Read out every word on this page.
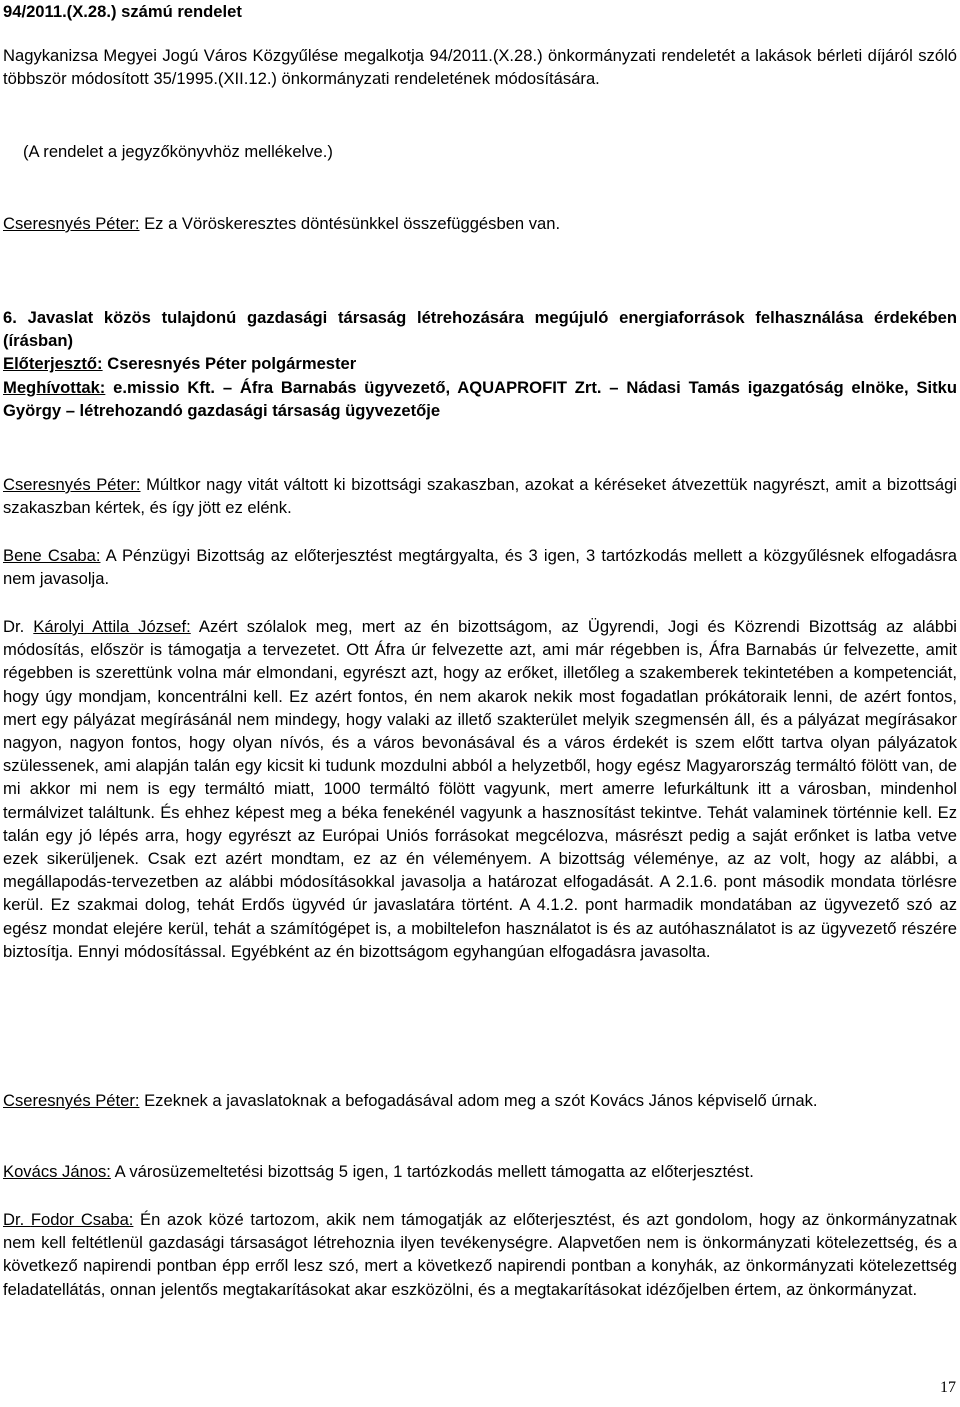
94/2011.(X.28.) számú rendelet

Nagykanizsa Megyei Jogú Város Közgyűlése megalkotja 94/2011.(X.28.) önkormányzati rendeletét a lakások bérleti díjáról szóló többször módosított 35/1995.(XII.12.) önkormányzati rendeletének módosítására.

(A rendelet a jegyzőkönyvhöz mellékelve.)

Cseresnyés Péter: Ez a Vöröskeresztes döntésünkkel összefüggésben van.

6. Javaslat közös tulajdonú gazdasági társaság létrehozására megújuló energiaforrások felhasználása érdekében (írásban)

Előterjesztő: Cseresnyés Péter polgármester

Meghívottak: e.missio Kft. – Áfra Barnabás ügyvezető, AQUAPROFIT Zrt. – Nádasi Tamás igazgatóság elnöke, Sitku György – létrehozandó gazdasági társaság ügyvezetője

Cseresnyés Péter: Múltkor nagy vitát váltott ki bizottsági szakaszban, azokat a kéréseket átvezettük nagyrészt, amit a bizottsági szakaszban kértek, és így jött ez elénk.

Bene Csaba: A Pénzügyi Bizottság az előterjesztést megtárgyalta, és 3 igen, 3 tartózkodás mellett a közgyűlésnek elfogadásra nem javasolja.

Dr. Károlyi Attila József: Azért szólalok meg, mert az én bizottságom, az Ügyrendi, Jogi és Közrendi Bizottság az alábbi módosítás, először is támogatja a tervezetet. Ott Áfra úr felvezette azt, ami már régebben is, Áfra Barnabás úr felvezette, amit régebben is szerettünk volna már elmondani, egyrészt azt, hogy az erőket, illetőleg a szakemberek tekintetében a kompetenciát, hogy úgy mondjam, koncentrálni kell. Ez azért fontos, én nem akarok nekik most fogadatlan prókátoraik lenni, de azért fontos, mert egy pályázat megírásánál nem mindegy, hogy valaki az illető szakterület melyik szegmensén áll, és a pályázat megírásakor nagyon, nagyon fontos, hogy olyan nívós, és a város bevonásával és a város érdekét is szem előtt tartva olyan pályázatok szülessenek, ami alapján talán egy kicsit ki tudunk mozdulni abból a helyzetből, hogy egész Magyarország termáltó fölött van, de mi akkor mi nem is egy termáltó miatt, 1000 termáltó fölött vagyunk, mert amerre lefurkáltunk itt a városban, mindenhol termálvizet találtunk. És ehhez képest meg a béka fenekénél vagyunk a hasznosítást tekintve. Tehát valaminek történnie kell. Ez talán egy jó lépés arra, hogy egyrészt az Európai Uniós forrásokat megcélozva, másrészt pedig a saját erőnket is latba vetve ezek sikerüljenek. Csak ezt azért mondtam, ez az én véleményem. A bizottság véleménye, az az volt, hogy az alábbi, a megállapodás-tervezetben az alábbi módosításokkal javasolja a határozat elfogadását. A 2.1.6. pont második mondata törlésre kerül. Ez szakmai dolog, tehát Erdős ügyvéd úr javaslatára történt. A 4.1.2. pont harmadik mondatában az ügyvezető szó az egész mondat elejére kerül, tehát a számítógépet is, a mobiltelefon használatot is és az autóhasználatot is az ügyvezető részére biztosítja. Ennyi módosítással. Egyébként az én bizottságom egyhangúan elfogadásra javasolta.

Cseresnyés Péter: Ezeknek a javaslatoknak a befogadásával adom meg a szót Kovács János képviselő úrnak.

Kovács János: A városüzemeltetési bizottság 5 igen, 1 tartózkodás mellett támogatta az előterjesztést.

Dr. Fodor Csaba: Én azok közé tartozom, akik nem támogatják az előterjesztést, és azt gondolom, hogy az önkormányzatnak nem kell feltétlenül gazdasági társaságot létrehoznia ilyen tevékenységre. Alapvetően nem is önkormányzati kötelezettség, és a következő napirendi pontban épp erről lesz szó, mert a következő napirendi pontban a konyhák, az önkormányzati kötelezettség feladatellátás, onnan jelentős megtakarításokat akar eszközölni, és a megtakarításokat idézőjelben értem, az önkormányzat.

17
